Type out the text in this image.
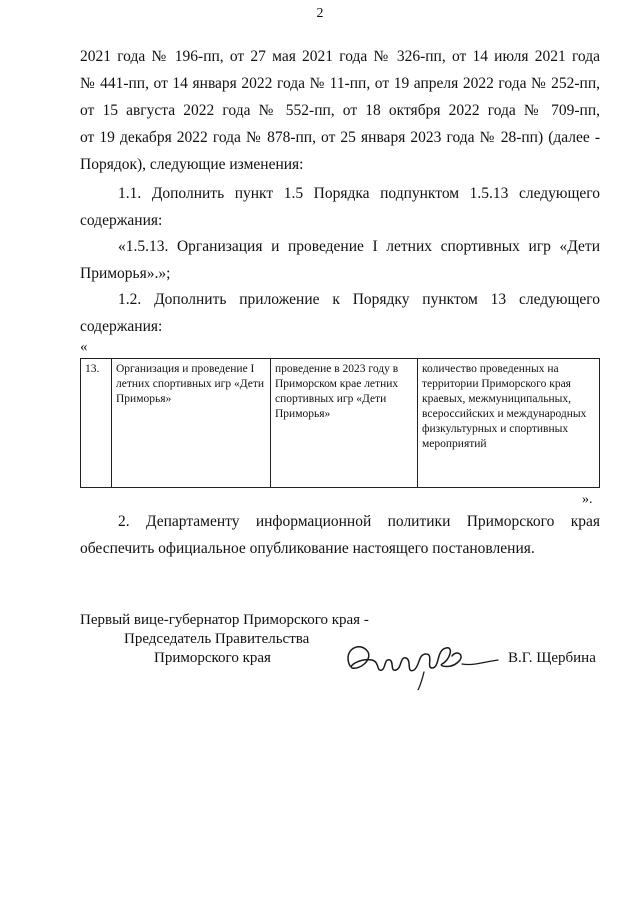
2
2021 года № 196-пп, от 27 мая 2021 года № 326-пп, от 14 июля 2021 года
№ 441-пп, от 14 января 2022 года № 11-пп, от 19 апреля 2022 года № 252-пп,
от 15 августа 2022 года № 552-пп, от 18 октября 2022 года № 709-пп,
от 19 декабря 2022 года № 878-пп, от 25 января 2023 года № 28-пп) (далее -
Порядок), следующие изменения:
1.1. Дополнить пункт 1.5 Порядка подпунктом 1.5.13 следующего
содержания:
«1.5.13. Организация и проведение I летних спортивных игр «Дети
Приморья».»;
1.2. Дополнить приложение к Порядку пунктом 13 следующего
содержания:
«
13.	Организация и проведение I летних спортивных игр «Дети Приморья»	проведение в 2023 году в Приморском крае летних спортивных игр «Дети Приморья»	количество проведенных на территории Приморского края краевых, межмуниципальных, всероссийских и международных физкультурных и спортивных мероприятий
».
2. Департаменту информационной политики Приморского края
обеспечить официальное опубликование настоящего постановления.
Первый вице-губернатор Приморского края -
Председатель Правительства
Приморского края	В.Г. Щербина
